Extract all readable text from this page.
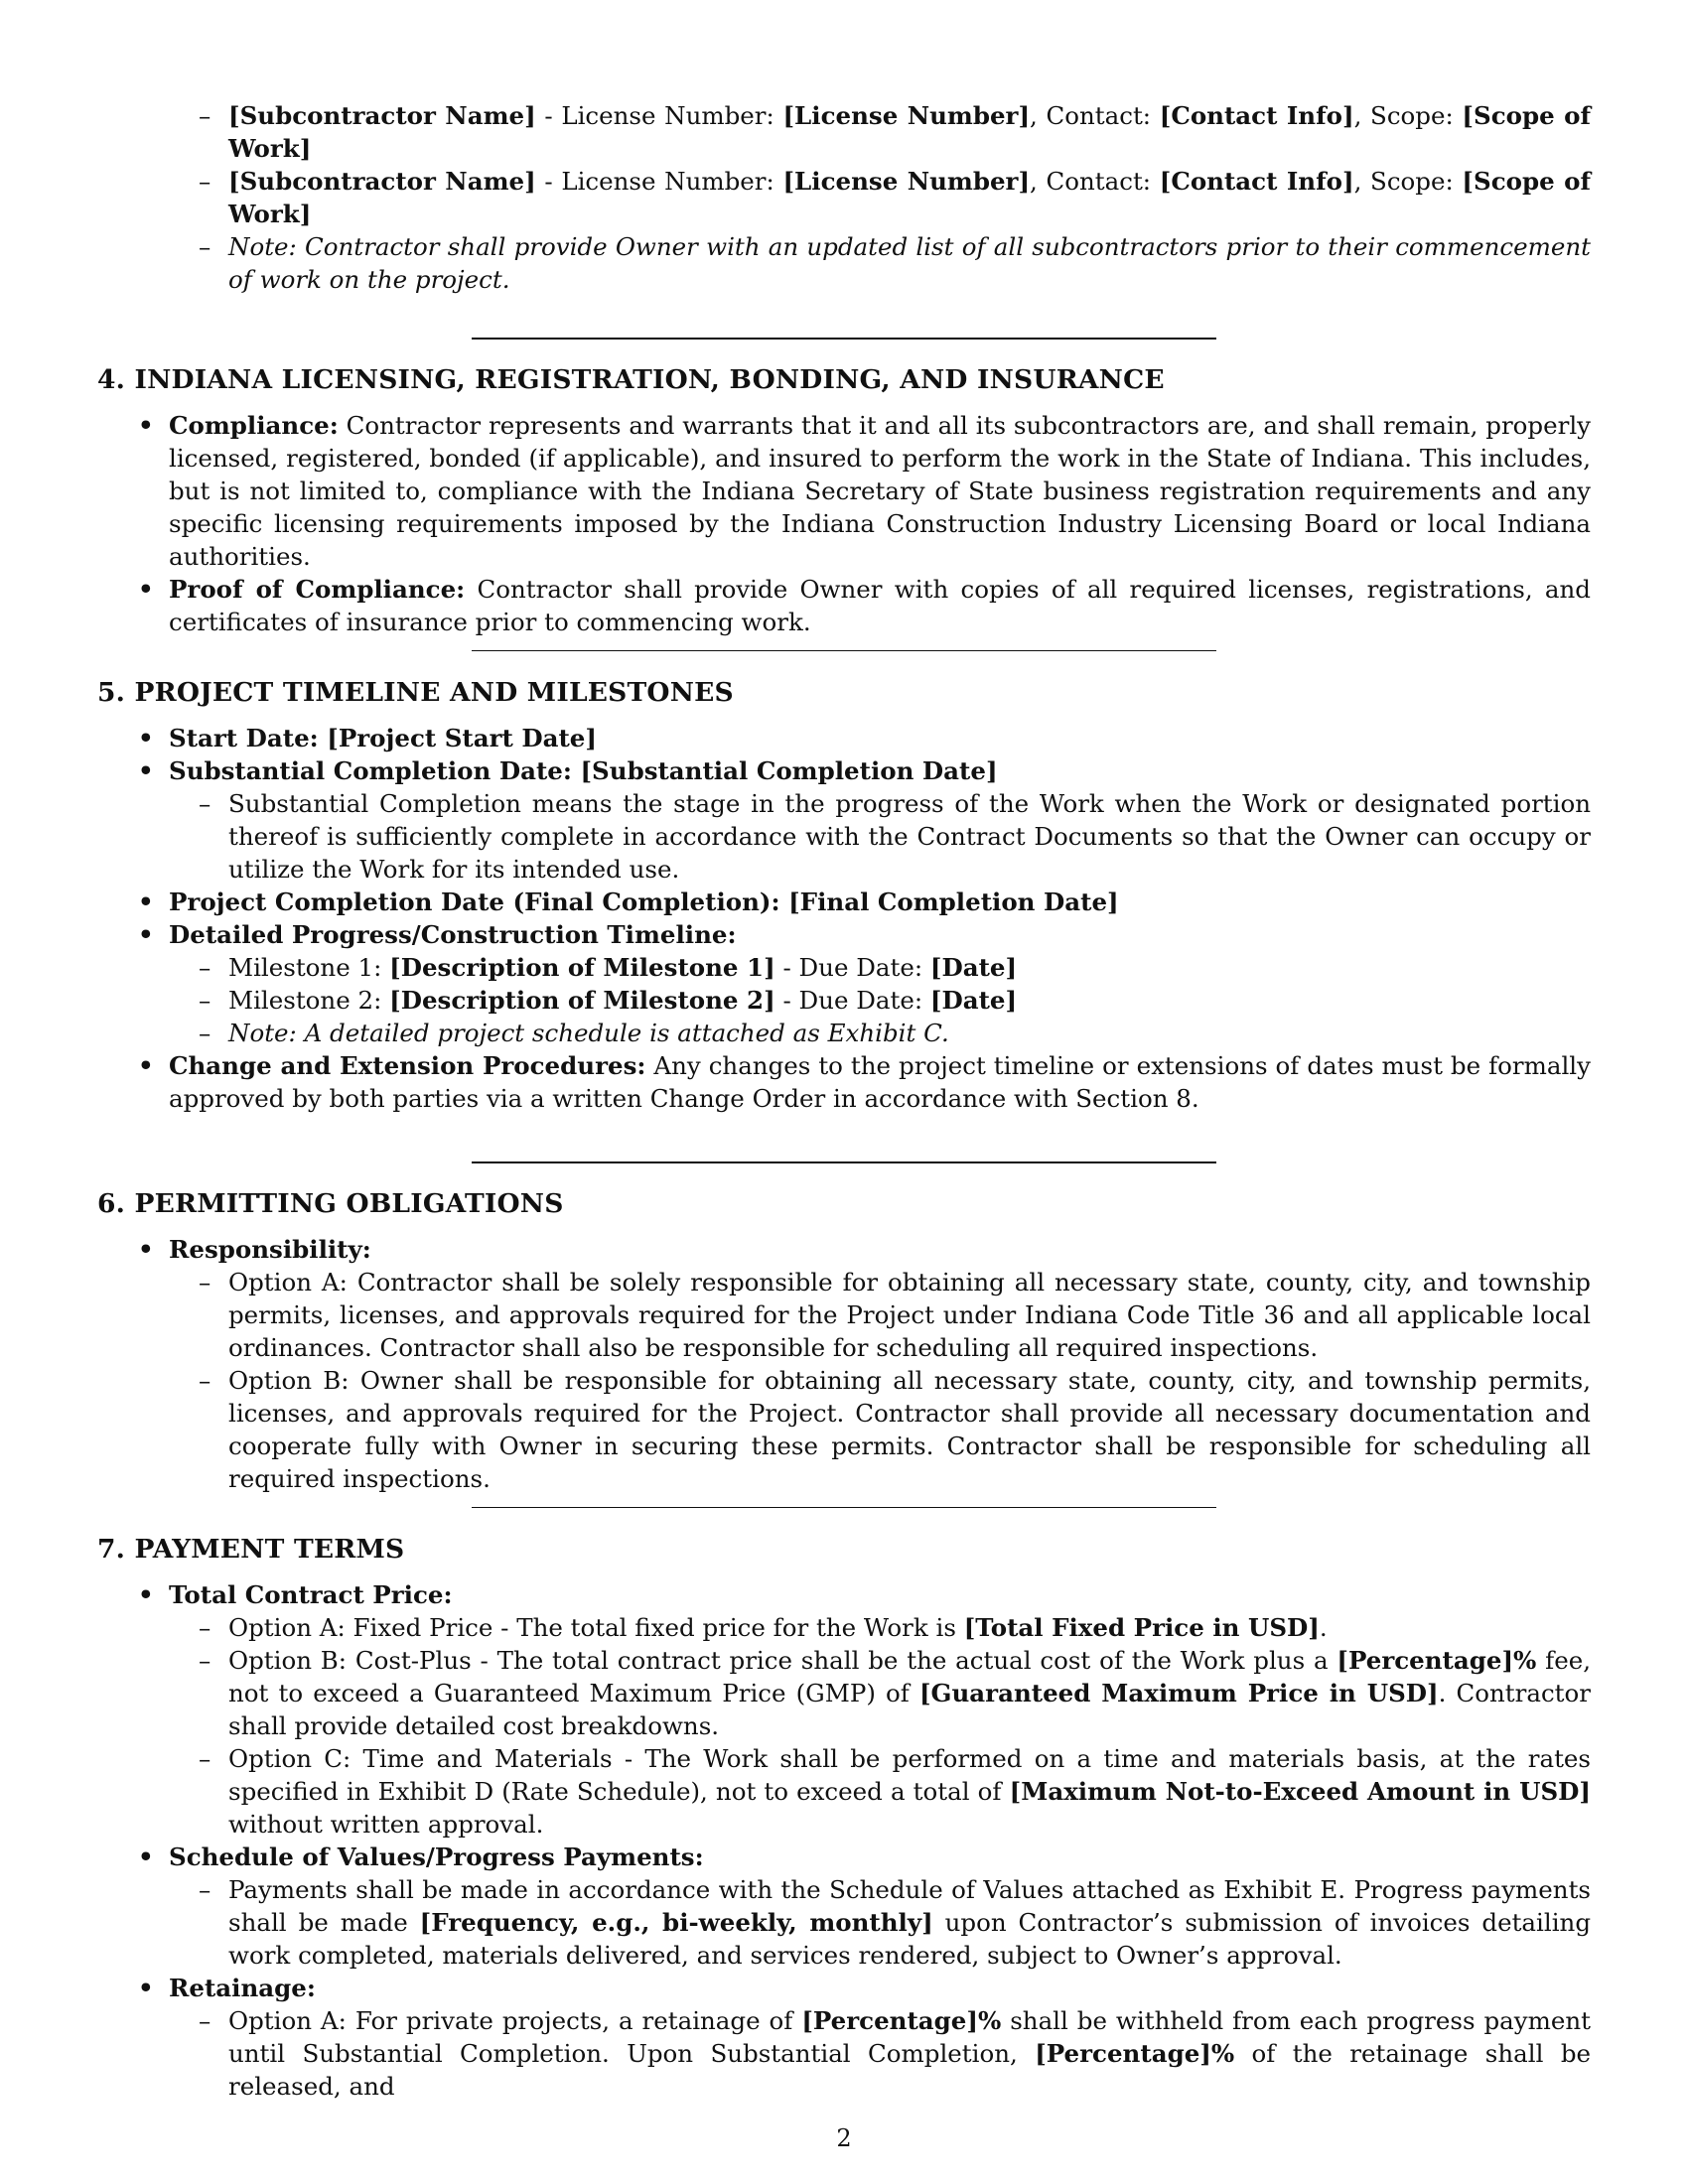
– [Subcontractor Name] - License Number: [License Number], Contact: [Contact Info], Scope: [Scope of Work]

– [Subcontractor Name] - License Number: [License Number], Contact: [Contact Info], Scope: [Scope of Work]

– Note: Contractor shall provide Owner with an updated list of all subcontractors prior to their commencement of work on the project.

4. INDIANA LICENSING, REGISTRATION, BONDING, AND INSURANCE

• Compliance: Contractor represents and warrants that it and all its subcontractors are, and shall remain, properly licensed, registered, bonded (if applicable), and insured to perform the work in the State of Indiana. This includes, but is not limited to, compliance with the Indiana Secretary of State business registration requirements and any specific licensing requirements imposed by the Indiana Construction Industry Licensing Board or local Indiana authorities.

• Proof of Compliance: Contractor shall provide Owner with copies of all required licenses, registrations, and certificates of insurance prior to commencing work.

5. PROJECT TIMELINE AND MILESTONES

• Start Date: [Project Start Date]

• Substantial Completion Date: [Substantial Completion Date]

– Substantial Completion means the stage in the progress of the Work when the Work or designated portion thereof is sufficiently complete in accordance with the Contract Documents so that the Owner can occupy or utilize the Work for its intended use.

• Project Completion Date (Final Completion): [Final Completion Date]

• Detailed Progress/Construction Timeline:

– Milestone 1: [Description of Milestone 1] - Due Date: [Date]

– Milestone 2: [Description of Milestone 2] - Due Date: [Date]

– Note: A detailed project schedule is attached as Exhibit C.

• Change and Extension Procedures: Any changes to the project timeline or extensions of dates must be formally approved by both parties via a written Change Order in accordance with Section 8.

6. PERMITTING OBLIGATIONS

• Responsibility:

– Option A: Contractor shall be solely responsible for obtaining all necessary state, county, city, and township permits, licenses, and approvals required for the Project under Indiana Code Title 36 and all applicable local ordinances. Contractor shall also be responsible for scheduling all required inspections.

– Option B: Owner shall be responsible for obtaining all necessary state, county, city, and township permits, licenses, and approvals required for the Project. Contractor shall provide all necessary documentation and cooperate fully with Owner in securing these permits. Contractor shall be responsible for scheduling all required inspections.

7. PAYMENT TERMS

• Total Contract Price:

– Option A: Fixed Price - The total fixed price for the Work is [Total Fixed Price in USD].

– Option B: Cost-Plus - The total contract price shall be the actual cost of the Work plus a [Percentage]% fee, not to exceed a Guaranteed Maximum Price (GMP) of [Guaranteed Maximum Price in USD]. Contractor shall provide detailed cost breakdowns.

– Option C: Time and Materials - The Work shall be performed on a time and materials basis, at the rates specified in Exhibit D (Rate Schedule), not to exceed a total of [Maximum Not-to-Exceed Amount in USD] without written approval.

• Schedule of Values/Progress Payments:

– Payments shall be made in accordance with the Schedule of Values attached as Exhibit E. Progress payments shall be made [Frequency, e.g., bi-weekly, monthly] upon Contractor’s submission of invoices detailing work completed, materials delivered, and services rendered, subject to Owner’s approval.

• Retainage:

– Option A: For private projects, a retainage of [Percentage]% shall be withheld from each progress payment until Substantial Completion. Upon Substantial Completion, [Percentage]% of the retainage shall be released, and

2
